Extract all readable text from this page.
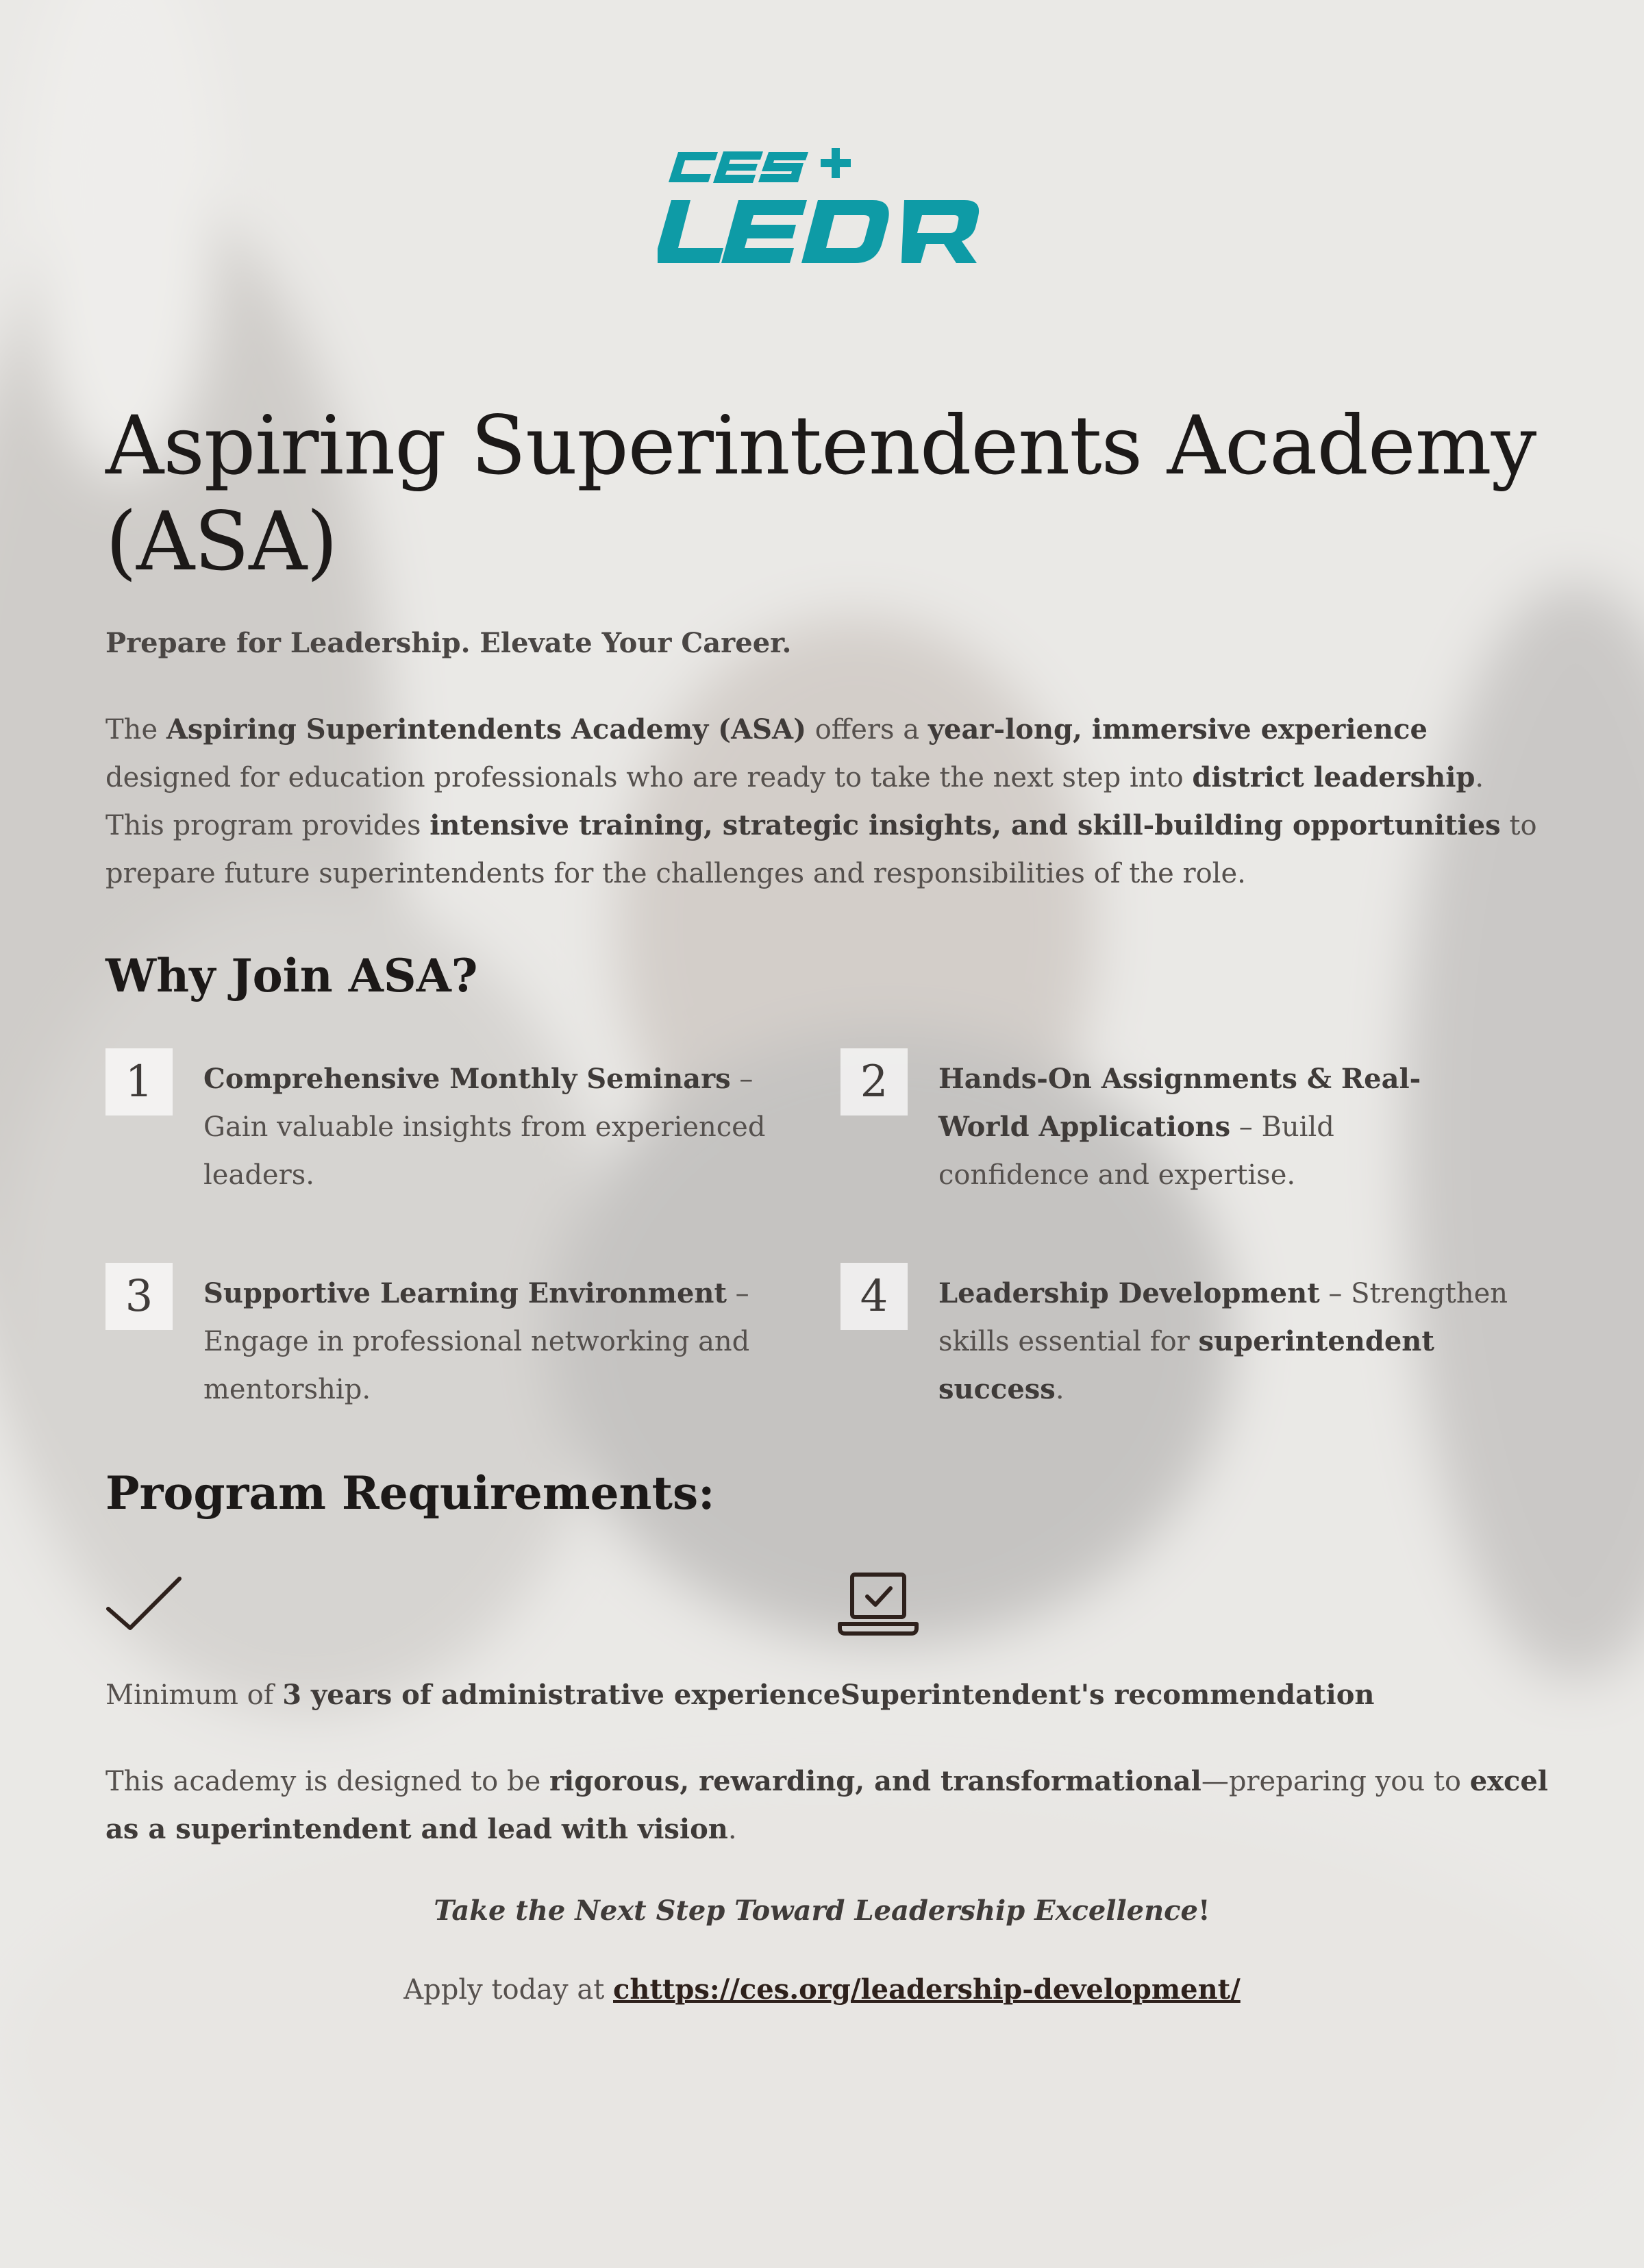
Aspiring Superintendents Academy (ASA)

Prepare for Leadership. Elevate Your Career.

The Aspiring Superintendents Academy (ASA) offers a year-long, immersive experience designed for education professionals who are ready to take the next step into district leadership. This program provides intensive training, strategic insights, and skill-building opportunities to prepare future superintendents for the challenges and responsibilities of the role.

Why Join ASA?
1	Comprehensive Monthly Seminars – Gain valuable insights from experienced leaders.
2	Hands-On Assignments & Real-World Applications – Build confidence and expertise.
3	Supportive Learning Environment – Engage in professional networking and mentorship.
4	Leadership Development – Strengthen skills essential for superintendent success.
Program Requirements:
Minimum of 3 years of administrative experience Superintendent's recommendation

This academy is designed to be rigorous, rewarding, and transformational—preparing you to excel as a superintendent and lead with vision.

Take the Next Step Toward Leadership Excellence!

Apply today at chttps://ces.org/leadership-development/
